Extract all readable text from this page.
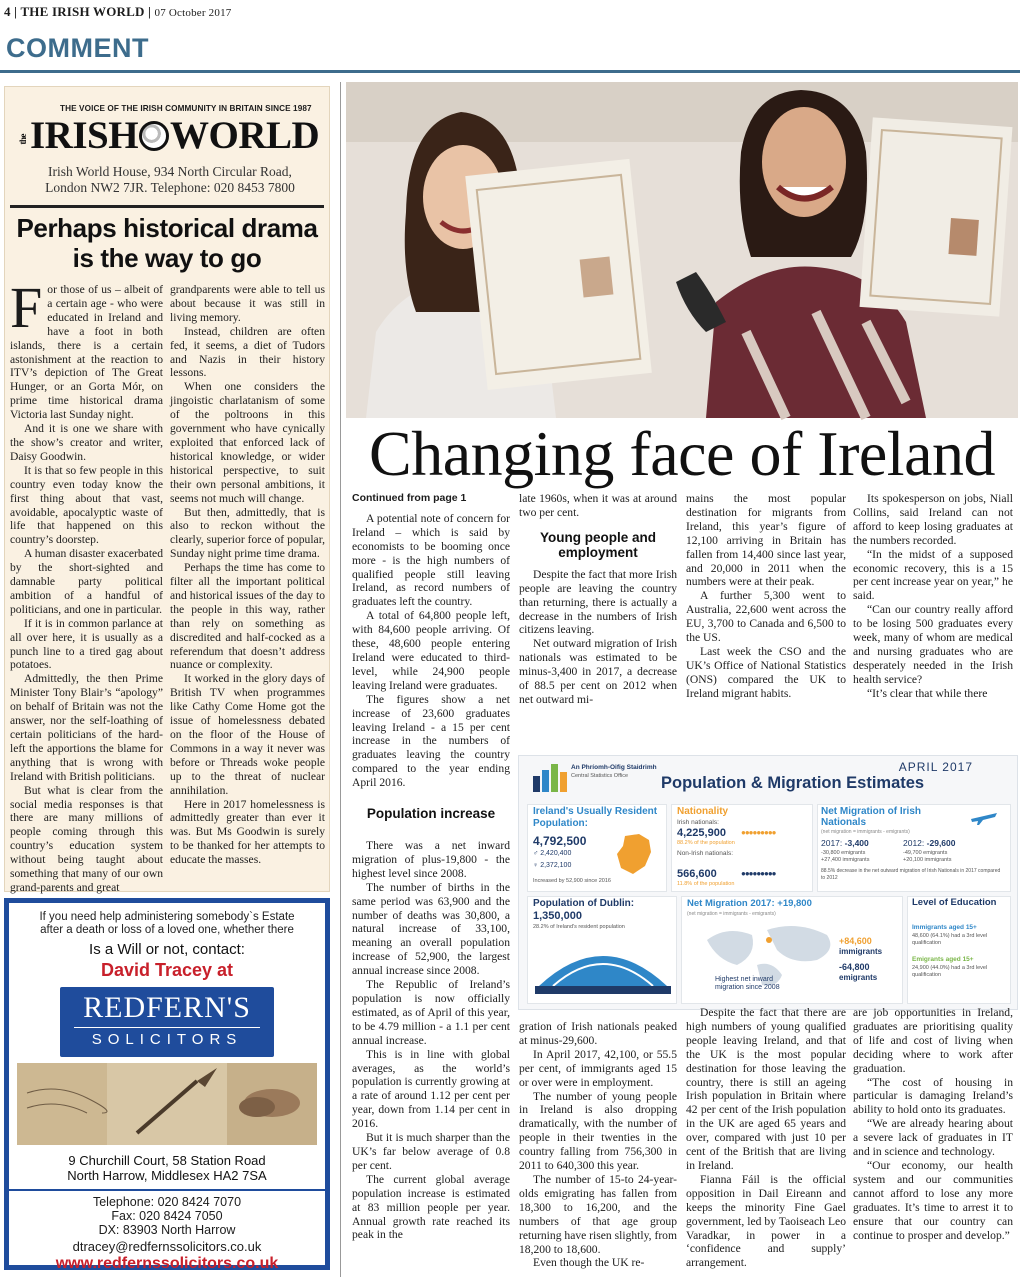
4 | THE IRISH WORLD | 07 October 2017
COMMENT
THE VOICE OF THE IRISH COMMUNITY IN BRITAIN SINCE 1987
theIRISH WORLD
Irish World House, 934 North Circular Road,
London NW2 7JR. Telephone: 020 8453 7800
Perhaps historical drama is the way to go
F or those of us – albeit of a certain age - who were educated in Ireland and have a foot in both islands, there is a certain astonishment at the reaction to ITV’s depiction of The Great Hunger, or an Gorta Mór, on prime time historical drama Victoria last Sunday night.

And it is one we share with the show’s creator and writer, Daisy Goodwin.

It is that so few people in this country even today know the first thing about that vast, avoidable, apocalyptic waste of life that happened on this country’s doorstep.

A human disaster exacerbated by the short-sighted and damnable party political ambition of a handful of politicians, and one in particular.

If it is in common parlance at all over here, it is usually as a punch line to a tired gag about potatoes.

Admittedly, the then Prime Minister Tony Blair’s “apology” on behalf of Britain was not the answer, nor the self-loathing of certain politicians of the hard-left the apportions the blame for anything that is wrong with Ireland with British politicians.

But what is clear from the social media responses is that there are many millions of people coming through this country’s education system without being taught about something that many of our own grand-parents and great

grandparents were able to tell us about because it was still in living memory.

Instead, children are often fed, it seems, a diet of Tudors and Nazis in their history lessons.

When one considers the jingoistic charlatanism of some of the poltroons in this government who have cynically exploited that enforced lack of historical knowledge, or wider historical perspective, to suit their own personal ambitions, it seems not much will change.

But then, admittedly, that is also to reckon without the clearly, superior force of popular, Sunday night prime time drama.

Perhaps the time has come to filter all the important political and historical issues of the day to the people in this way, rather than rely on something as discredited and half-cocked as a referendum that doesn’t address nuance or complexity.

It worked in the glory days of British TV when programmes like Cathy Come Home got the issue of homelessness debated on the floor of the House of Commons in a way it never was before or Threads woke people up to the threat of nuclear annihilation.

Here in 2017 homelessness is admittedly greater than ever it was. But Ms Goodwin is surely to be thanked for her attempts to educate the masses.

If you need help administering somebody`s Estate after a death or loss of a loved one, whether there
Is a Will or not, contact:
David Tracey at
REDFERN'S
SOLICITORS
9 Churchill Court, 58 Station Road
North Harrow, Middlesex HA2 7SA
Telephone: 020 8424 7070
Fax: 020 8424 7050
DX: 83903 North Harrow
dtracey@redfernssolicitors.co.uk
www.redfernssolicitors.co.uk
Changing face of Ireland
Continued from page 1

A potential note of concern for Ireland – which is said by economists to be booming once more - is the high numbers of qualified people still leaving Ireland, as record numbers of graduates left the country.

A total of 64,800 people left, with 84,600 people arriving. Of these, 48,600 people entering Ireland were educated to third-level, while 24,900 people leaving Ireland were graduates.

The figures show a net increase of 23,600 graduates leaving Ireland - a 15 per cent increase in the numbers of graduates leaving the country compared to the year ending April 2016.

Population increase

There was a net inward migration of plus-19,800 - the highest level since 2008.

The number of births in the same period was 63,900 and the number of deaths was 30,800, a natural increase of 33,100, meaning an overall population increase of 52,900, the largest annual increase since 2008.

The Republic of Ireland’s population is now officially estimated, as of April of this year, to be 4.79 million - a 1.1 per cent annual increase.

This is in line with global averages, as the world’s population is currently growing at a rate of around 1.12 per cent per year, down from 1.14 per cent in 2016.

But it is much sharper than the UK’s far below average of 0.8 per cent.

The current global average population increase is estimated at 83 million people per year. Annual growth rate reached its peak in the

late 1960s, when it was at around two per cent.

Young people and employment

Despite the fact that more Irish people are leaving the country than returning, there is actually a decrease in the numbers of Irish citizens leaving.

Net outward migration of Irish nationals was estimated to be minus-3,400 in 2017, a decrease of 88.5 per cent on 2012 when net outward mi-

mains the most popular destination for migrants from Ireland, this year’s figure of 12,100 arriving in Britain has fallen from 14,400 since last year, and 20,000 in 2011 when the numbers were at their peak.

A further 5,300 went to Australia, 22,600 went across the EU, 3,700 to Canada and 6,500 to the US.

Last week the CSO and the UK’s Office of National Statistics (ONS) compared the UK to Ireland migrant habits.

Its spokesperson on jobs, Niall Collins, said Ireland can not afford to keep losing graduates at the numbers recorded.

“In the midst of a supposed economic recovery, this is a 15 per cent increase year on year,” he said.

“Can our country really afford to be losing 500 graduates every week, many of whom are medical and nursing graduates who are desperately needed in the Irish health service?

“It’s clear that while there

An Phríomh-Oifig Staidrimh
Central Statistics Office
APRIL 2017
Population & Migration Estimates
Ireland's Usually Resident Population:
4,792,500
♂ 2,420,400
♀ 2,372,100
Increased by 52,900 since 2016
Nationality
Irish nationals:
4,225,900 ●●●●●●●●●
88.2% of the population
Non-Irish nationals:
566,600	●●●●●●●●●
11.8% of the population
Net Migration of Irish Nationals
(net migration = immigrants - emigrants)
2017: -3,400	2012: -29,600
-30,800 emigrants
+27,400 immigrants
-49,700 emigrants
+20,100 immigrants
88.5% decrease in the net outward migration of Irish Nationals in 2017 compared to 2012
Population of Dublin:
1,350,000
28.2% of Ireland's resident population
Net Migration 2017: +19,800
(net migration = immigrants - emigrants)
+84,600
immigrants
-64,800
emigrants
Highest net inward migration since 2008
Level of Education
Immigrants aged 15+
48,600 (64.1%) had a 3rd level qualification
Emigrants aged 15+
24,900 (44.0%) had a 3rd level qualification

gration of Irish nationals peaked at minus-29,600.

In April 2017, 42,100, or 55.5 per cent, of immigrants aged 15 or over were in employment.

The number of young people in Ireland is also dropping dramatically, with the number of people in their twenties in the country falling from 756,300 in 2011 to 640,300 this year.

The number of 15-to 24-year-olds emigrating has fallen from 18,300 to 16,200, and the numbers of that age group returning have risen slightly, from 18,200 to 18,600.

Even though the UK re-

Despite the fact that there are high numbers of young qualified people leaving Ireland, and that the UK is the most popular destination for those leaving the country, there is still an ageing Irish population in Britain where 42 per cent of the Irish population in the UK are aged 65 years and over, compared with just 10 per cent of the British that are living in Ireland.

Fianna Fáil is the official opposition in Dail Eireann and keeps the minority Fine Gael government, led by Taoiseach Leo Varadkar, in power in a ‘confidence and supply’ arrangement.

are job opportunities in Ireland, graduates are prioritising quality of life and cost of living when deciding where to work after graduation.

“The cost of housing in particular is damaging Ireland’s ability to hold onto its graduates.

“We are already hearing about a severe lack of graduates in IT and in science and technology.

“Our economy, our health system and our communities cannot afford to lose any more graduates. It’s time to arrest it to ensure that our country can continue to prosper and develop.”
